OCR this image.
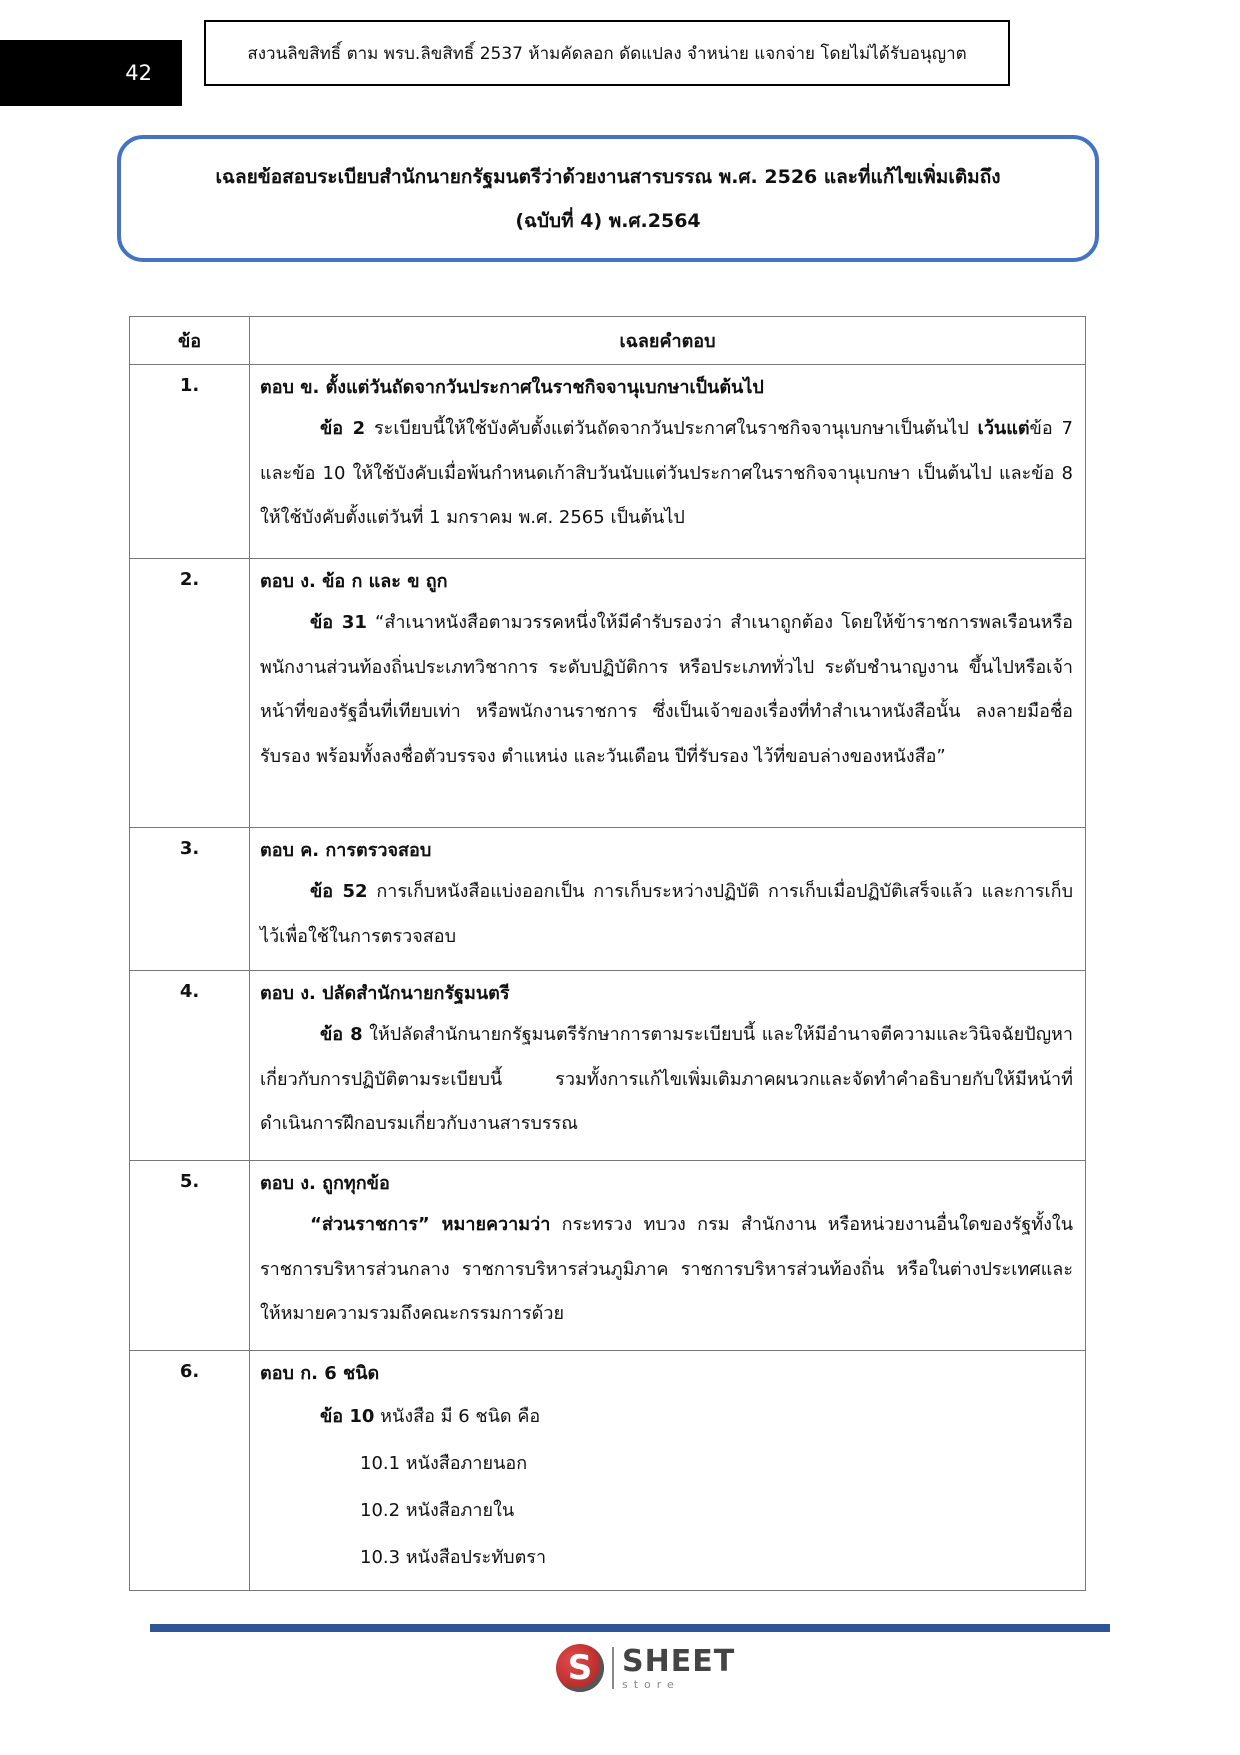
42
สงวนลิขสิทธิ์ ตาม พรบ.ลิขสิทธิ์ 2537 ห้ามคัดลอก ดัดแปลง จำหน่าย แจกจ่าย โดยไม่ได้รับอนุญาต
เฉลยข้อสอบระเบียบสำนักนายกรัฐมนตรีว่าด้วยงานสารบรรณ พ.ศ. 2526 และที่แก้ไขเพิ่มเติมถึง
(ฉบับที่ 4) พ.ศ.2564
ข้อ	เฉลยคำตอบ
1.	ตอบ ข. ตั้งแต่วันถัดจากวันประกาศในราชกิจจานุเบกษาเป็นต้นไป
ข้อ 2 ระเบียบนี้ให้ใช้บังคับตั้งแต่วันถัดจากวันประกาศในราชกิจจานุเบกษาเป็นต้นไป เว้นแต่ข้อ 7 และข้อ 10 ให้ใช้บังคับเมื่อพ้นกำหนดเก้าสิบวันนับแต่วันประกาศในราชกิจจานุเบกษา เป็นต้นไป และข้อ 8 ให้ใช้บังคับตั้งแต่วันที่ 1 มกราคม พ.ศ. 2565 เป็นต้นไป

2.	ตอบ ง. ข้อ ก และ ข ถูก
ข้อ 31 “สำเนาหนังสือตามวรรคหนึ่งให้มีคำรับรองว่า สำเนาถูกต้อง โดยให้ข้าราชการพลเรือนหรือพนักงานส่วนท้องถิ่นประเภทวิชาการ ระดับปฏิบัติการ หรือประเภททั่วไป ระดับชำนาญงาน ขึ้นไปหรือเจ้าหน้าที่ของรัฐอื่นที่เทียบเท่า หรือพนักงานราชการ ซึ่งเป็นเจ้าของเรื่องที่ทำสำเนาหนังสือนั้น ลงลายมือชื่อรับรอง พร้อมทั้งลงชื่อตัวบรรจง ตำแหน่ง และวันเดือน ปีที่รับรอง ไว้ที่ขอบล่างของหนังสือ”

3.	ตอบ ค. การตรวจสอบ
ข้อ 52 การเก็บหนังสือแบ่งออกเป็น การเก็บระหว่างปฏิบัติ การเก็บเมื่อปฏิบัติเสร็จแล้ว และการเก็บไว้เพื่อใช้ในการตรวจสอบ

4.	ตอบ ง. ปลัดสำนักนายกรัฐมนตรี
ข้อ 8 ให้ปลัดสำนักนายกรัฐมนตรีรักษาการตามระเบียบนี้ และให้มีอำนาจตีความและวินิจฉัยปัญหาเกี่ยวกับการปฏิบัติตามระเบียบนี้ รวมทั้งการแก้ไขเพิ่มเติมภาคผนวกและจัดทำคำอธิบายกับให้มีหน้าที่ดำเนินการฝึกอบรมเกี่ยวกับงานสารบรรณ

5.	ตอบ ง. ถูกทุกข้อ
“ส่วนราชการ” หมายความว่า กระทรวง ทบวง กรม สำนักงาน หรือหน่วยงานอื่นใดของรัฐทั้งในราชการบริหารส่วนกลาง ราชการบริหารส่วนภูมิภาค ราชการบริหารส่วนท้องถิ่น หรือในต่างประเทศและให้หมายความรวมถึงคณะกรรมการด้วย

6.	ตอบ ก. 6 ชนิด
ข้อ 10 หนังสือ มี 6 ชนิด คือ
10.1 หนังสือภายนอก
10.2 หนังสือภายใน
10.3 หนังสือประทับตรา
S SHEET
store
